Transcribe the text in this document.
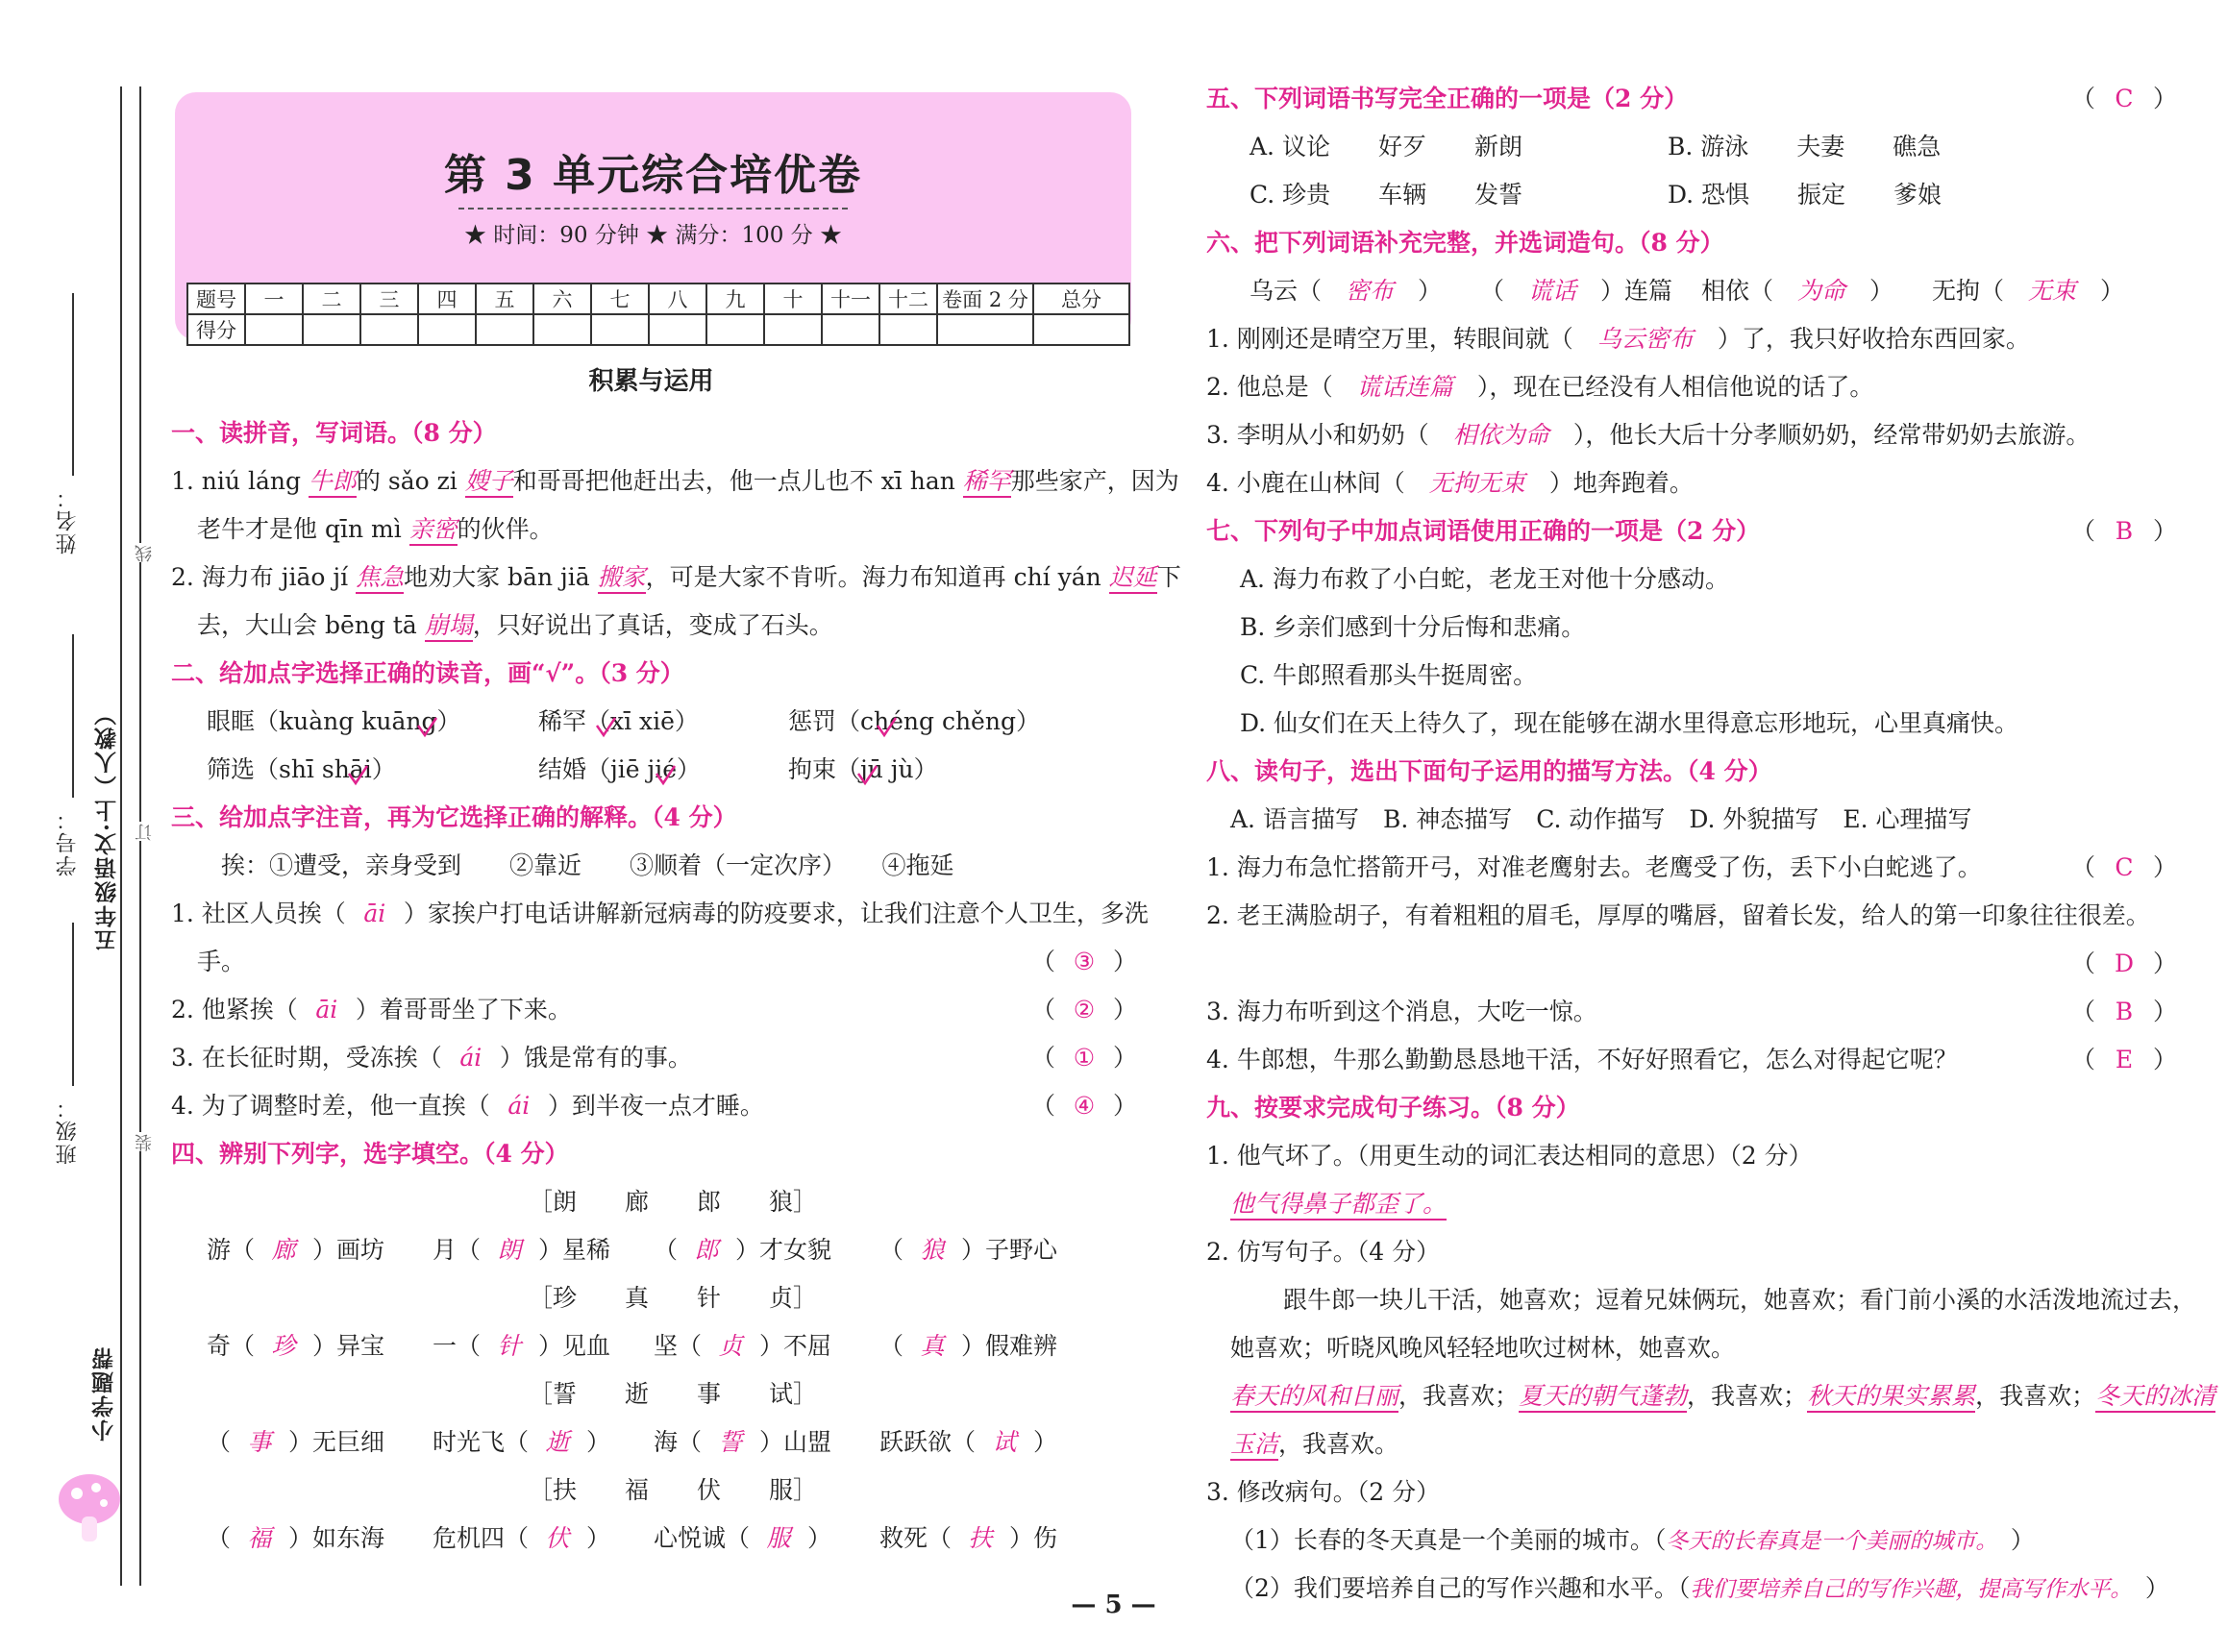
装
订
线
班级：
学号：
姓名：
五年级语文·上（人教）
小学题帮
第 3 单元综合培优卷
★ 时间：90 分钟 ★ 满分：100 分 ★
题号	一	二	三	四	五	六	七	八	九	十	十一	十二	卷面 2 分	总分
得分														
积累与运用
一、读拼音，写词语。（8 分）
1. niú láng 牛郎的 sǎo zi 嫂子和哥哥把他赶出去，他一点儿也不 xī han 稀罕那些家产，因为
老牛才是他 qīn mì 亲密的伙伴。
2. 海力布 jiāo jí 焦急地劝大家 bān jiā 搬家，可是大家不肯听。海力布知道再 chí yán 迟延下
去，大山会 bēng tā 崩塌，只好说出了真话，变成了石头。
二、给加点字选择正确的读音，画“√”。（3 分）
眼眶（kuàng kuāng）	稀罕（xī xiē）	惩罚（chéng chěng）
筛选（shī shāi）	结婚（jiē jié）	拘束（jū jù）
三、给加点字注音，再为它选择正确的解释。（4 分）
挨：①遭受，亲身受到　　②靠近　　③顺着（一定次序）　　④拖延
1. 社区人员挨（ āi ）家挨户打电话讲解新冠病毒的防疫要求，让我们注意个人卫生，多洗
手。	（ ③ ）
2. 他紧挨（ āi ）着哥哥坐了下来。	（ ② ）
3. 在长征时期，受冻挨（ ái ）饿是常有的事。	（ ① ）
4. 为了调整时差，他一直挨（ ái ）到半夜一点才睡。	（ ④ ）
四、辨别下列字，选字填空。（4 分）
［朗　　廊　　郎　　狼］
游（ 廊 ）画坊 月（ 朗 ）星稀 （ 郎 ）才女貌 （ 狼 ）子野心
［珍　　真　　针　　贞］
奇（ 珍 ）异宝 一（ 针 ）见血 坚（ 贞 ）不屈 （ 真 ）假难辨
［誓　　逝　　事　　试］
（ 事 ）无巨细 时光飞（ 逝 ） 海（ 誓 ）山盟 跃跃欲（ 试 ）
［扶　　福　　伏　　服］
（ 福 ）如东海 危机四（ 伏 ） 心悦诚（ 服 ） 救死（ 扶 ）伤
五、下列词语书写完全正确的一项是（2 分）	（ C ）
A. 议论　　好歹　　新朗	B. 游泳　　夫妻　　礁急
C. 珍贵　　车辆　　发誓	D. 恐惧　　振定　　爹娘
六、把下列词语补充完整，并选词造句。（8 分）
乌云（ 密布 ） （ 谎话 ）连篇 相依（ 为命 ） 无拘（ 无束 ）
1. 刚刚还是晴空万里，转眼间就（ 乌云密布 ）了，我只好收拾东西回家。
2. 他总是（ 谎话连篇 ），现在已经没有人相信他说的话了。
3. 李明从小和奶奶（ 相依为命 ），他长大后十分孝顺奶奶，经常带奶奶去旅游。
4. 小鹿在山林间（ 无拘无束 ）地奔跑着。
七、下列句子中加点词语使用正确的一项是（2 分）	（ B ）
A. 海力布救了小白蛇，老龙王对他十分感动。
B. 乡亲们感到十分后悔和悲痛。
C. 牛郎照看那头牛挺周密。
D. 仙女们在天上待久了，现在能够在湖水里得意忘形地玩，心里真痛快。
八、读句子，选出下面句子运用的描写方法。（4 分）
A. 语言描写　B. 神态描写　C. 动作描写　D. 外貌描写　E. 心理描写
1. 海力布急忙搭箭开弓，对准老鹰射去。老鹰受了伤，丢下小白蛇逃了。	（ C ）
2. 老王满脸胡子，有着粗粗的眉毛，厚厚的嘴唇，留着长发，给人的第一印象往往很差。
（ D ）
3. 海力布听到这个消息，大吃一惊。	（ B ）
4. 牛郎想，牛那么勤勤恳恳地干活，不好好照看它，怎么对得起它呢？	（ E ）
九、按要求完成句子练习。（8 分）
1. 他气坏了。（用更生动的词汇表达相同的意思）（2 分）
他气得鼻子都歪了。
2. 仿写句子。（4 分）
跟牛郎一块儿干活，她喜欢；逗着兄妹俩玩，她喜欢；看门前小溪的水活泼地流过去，
她喜欢；听晓风晚风轻轻地吹过树林，她喜欢。
春天的风和日丽，我喜欢；夏天的朝气蓬勃，我喜欢；秋天的果实累累，我喜欢；冬天的冰清
玉洁，我喜欢。
3. 修改病句。（2 分）
（1）长春的冬天真是一个美丽的城市。（冬天的长春真是一个美丽的城市。　）
（2）我们要培养自己的写作兴趣和水平。（我们要培养自己的写作兴趣，提高写作水平。　）
— 5 —
